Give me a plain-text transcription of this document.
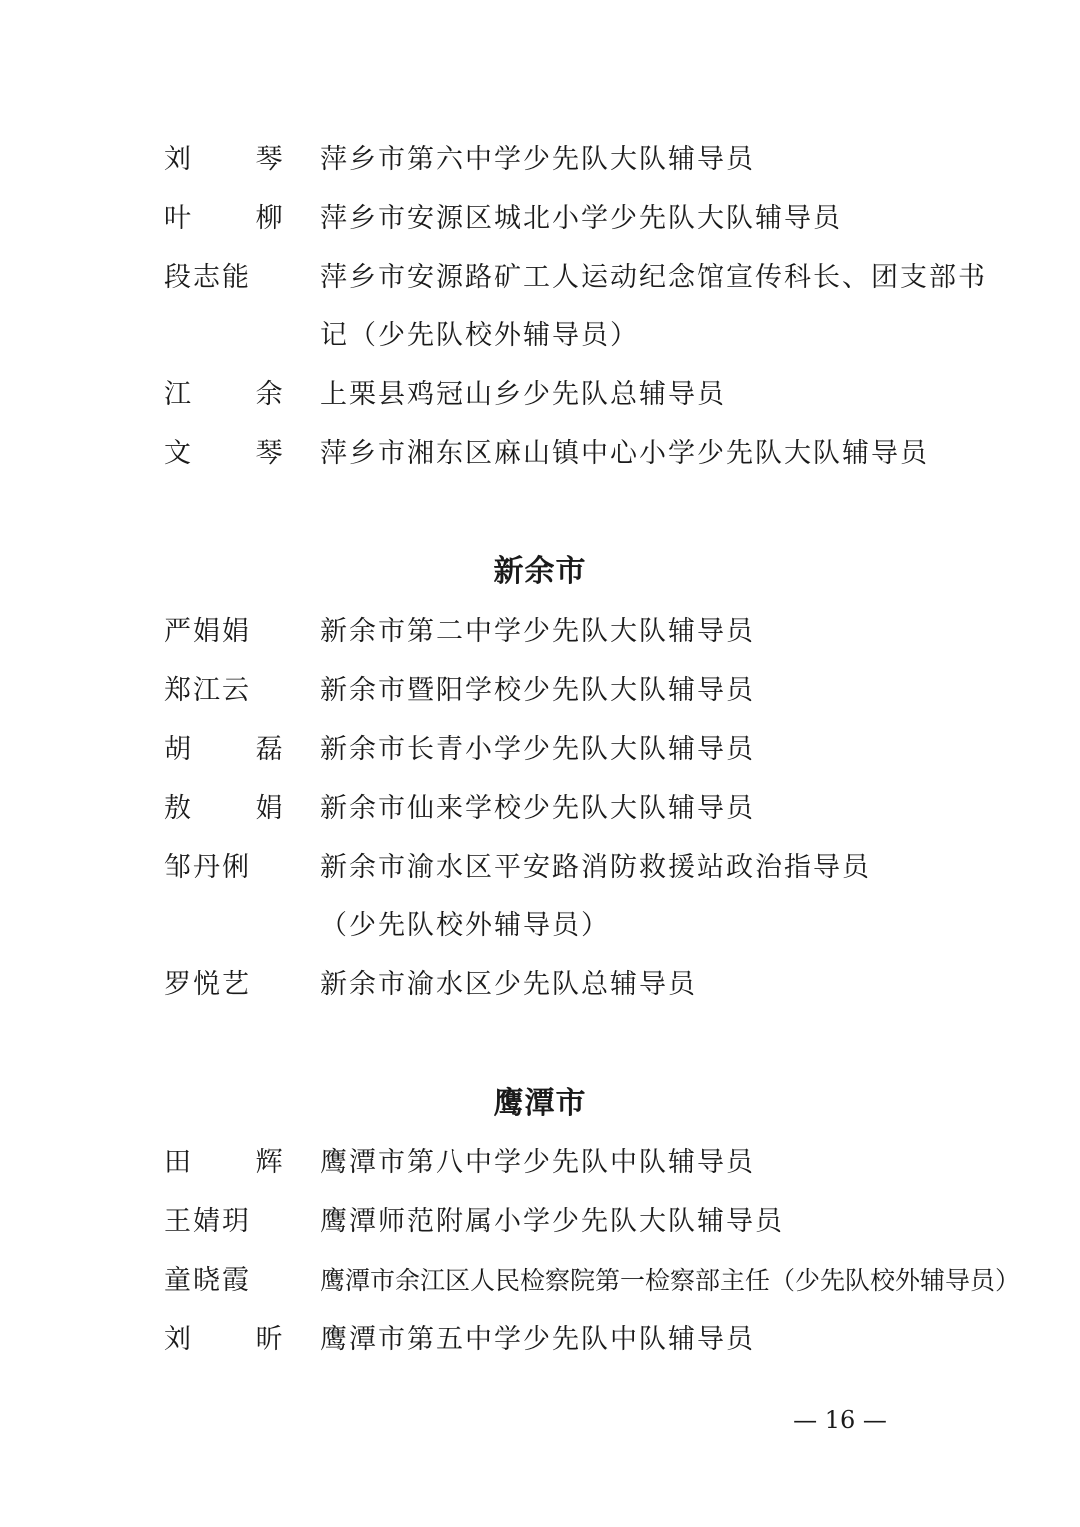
刘 琴 萍乡市第六中学少先队大队辅导员
叶 柳 萍乡市安源区城北小学少先队大队辅导员
段志能	萍乡市安源路矿工人运动纪念馆宣传科长、团支部书
记（少先队校外辅导员）
江 余 上栗县鸡冠山乡少先队总辅导员
文 琴 萍乡市湘东区麻山镇中心小学少先队大队辅导员
新余市
严娟娟	新余市第二中学少先队大队辅导员
郑江云	新余市暨阳学校少先队大队辅导员
胡 磊 新余市长青小学少先队大队辅导员
敖 娟 新余市仙来学校少先队大队辅导员
邹丹俐	新余市渝水区平安路消防救援站政治指导员
（少先队校外辅导员）
罗悦艺	新余市渝水区少先队总辅导员
鹰潭市
田 辉 鹰潭市第八中学少先队中队辅导员
王婧玥	鹰潭师范附属小学少先队大队辅导员
童晓霞	鹰潭市余江区人民检察院第一检察部主任（少先队校外辅导员）
刘 昕 鹰潭市第五中学少先队中队辅导员
— 16 —
